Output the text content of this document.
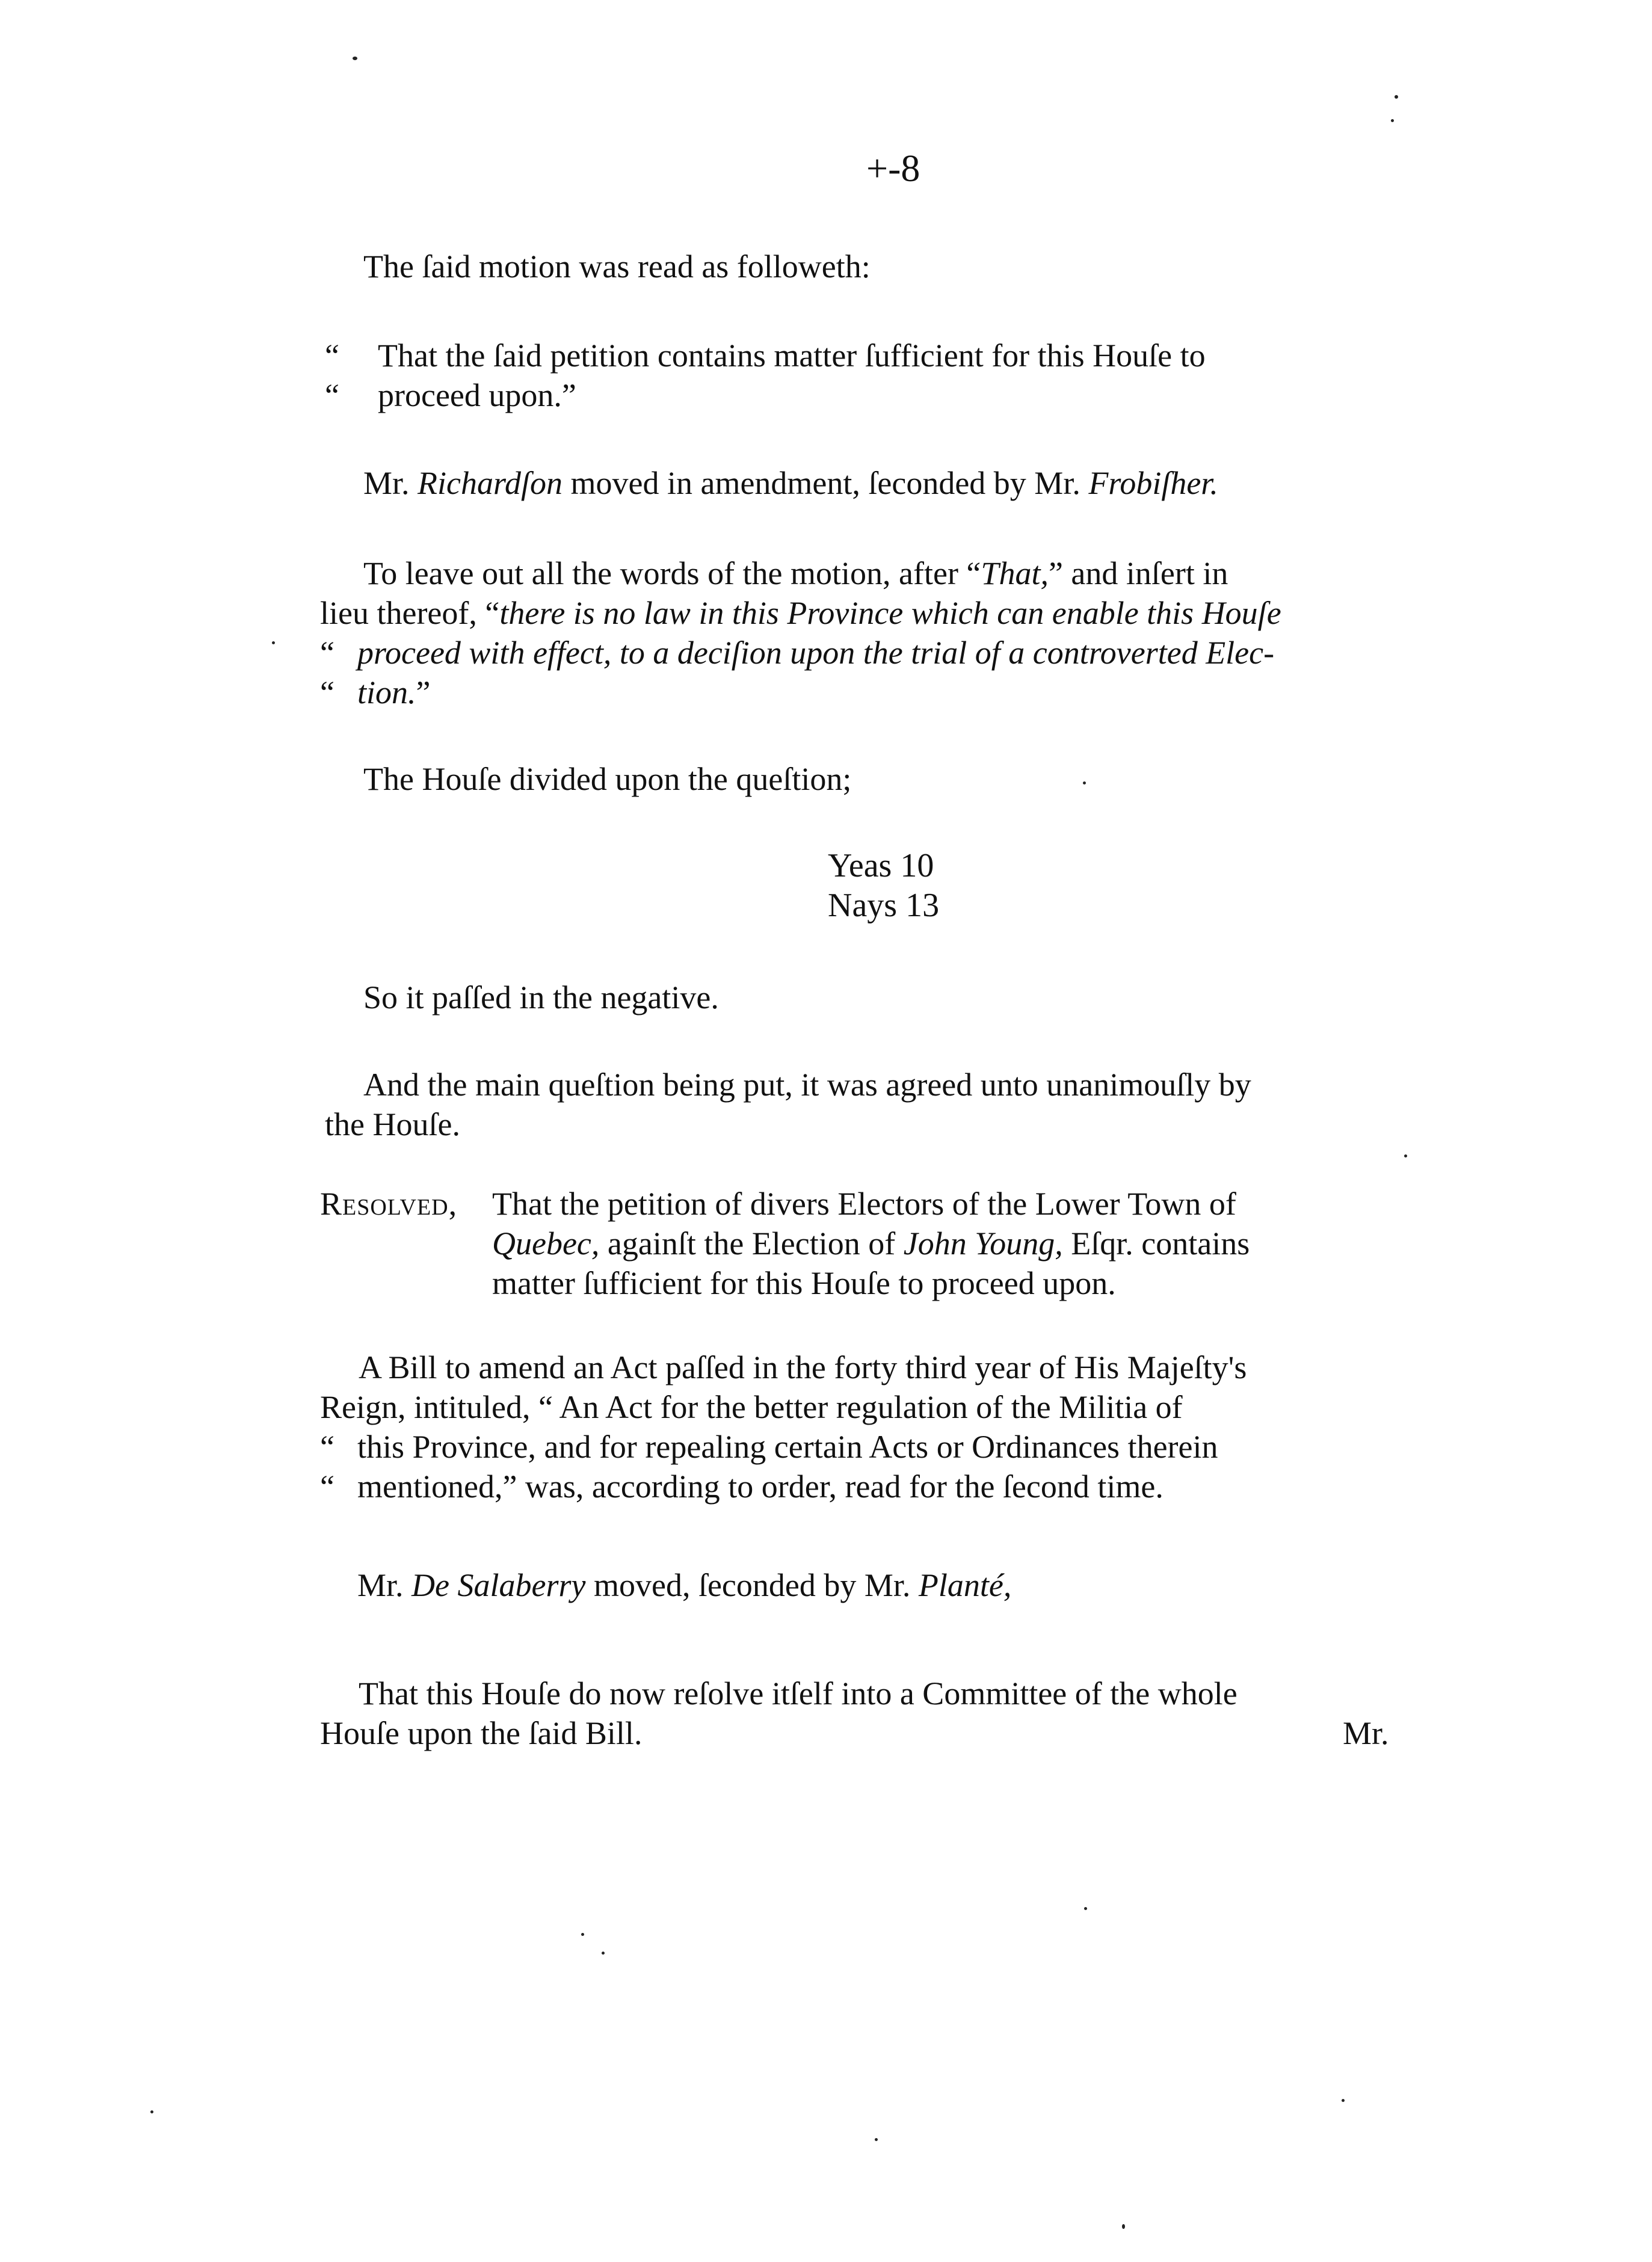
+-8
The ſaid motion was read as followeth:
“ That the ſaid petition contains matter ſufficient for this Houſe to
“ proceed upon.”
Mr. Richardſon moved in amendment, ſeconded by Mr. Frobiſher.
To leave out all the words of the motion, after “That,” and inſert in
lieu thereof, “there is no law in this Province which can enable this Houſe
“ proceed with effect, to a deciſion upon the trial of a controverted Elec-
“ tion.”
The Houſe divided upon the queſtion;
Yeas 10
Nays 13
So it paſſed in the negative.
And the main queſtion being put, it was agreed unto unanimouſly by
the Houſe.
Resolved, That the petition of divers Electors of the Lower Town of
Quebec, againſt the Election of John Young, Eſqr. contains
matter ſufficient for this Houſe to proceed upon.
A Bill to amend an Act paſſed in the forty third year of His Majeſty's
Reign, intituled, “ An Act for the better regulation of the Militia of
“ this Province, and for repealing certain Acts or Ordinances therein
“ mentioned,” was, according to order, read for the ſecond time.
Mr. De Salaberry moved, ſeconded by Mr. Planté,
That this Houſe do now reſolve itſelf into a Committee of the whole
Houſe upon the ſaid Bill.	Mr.
